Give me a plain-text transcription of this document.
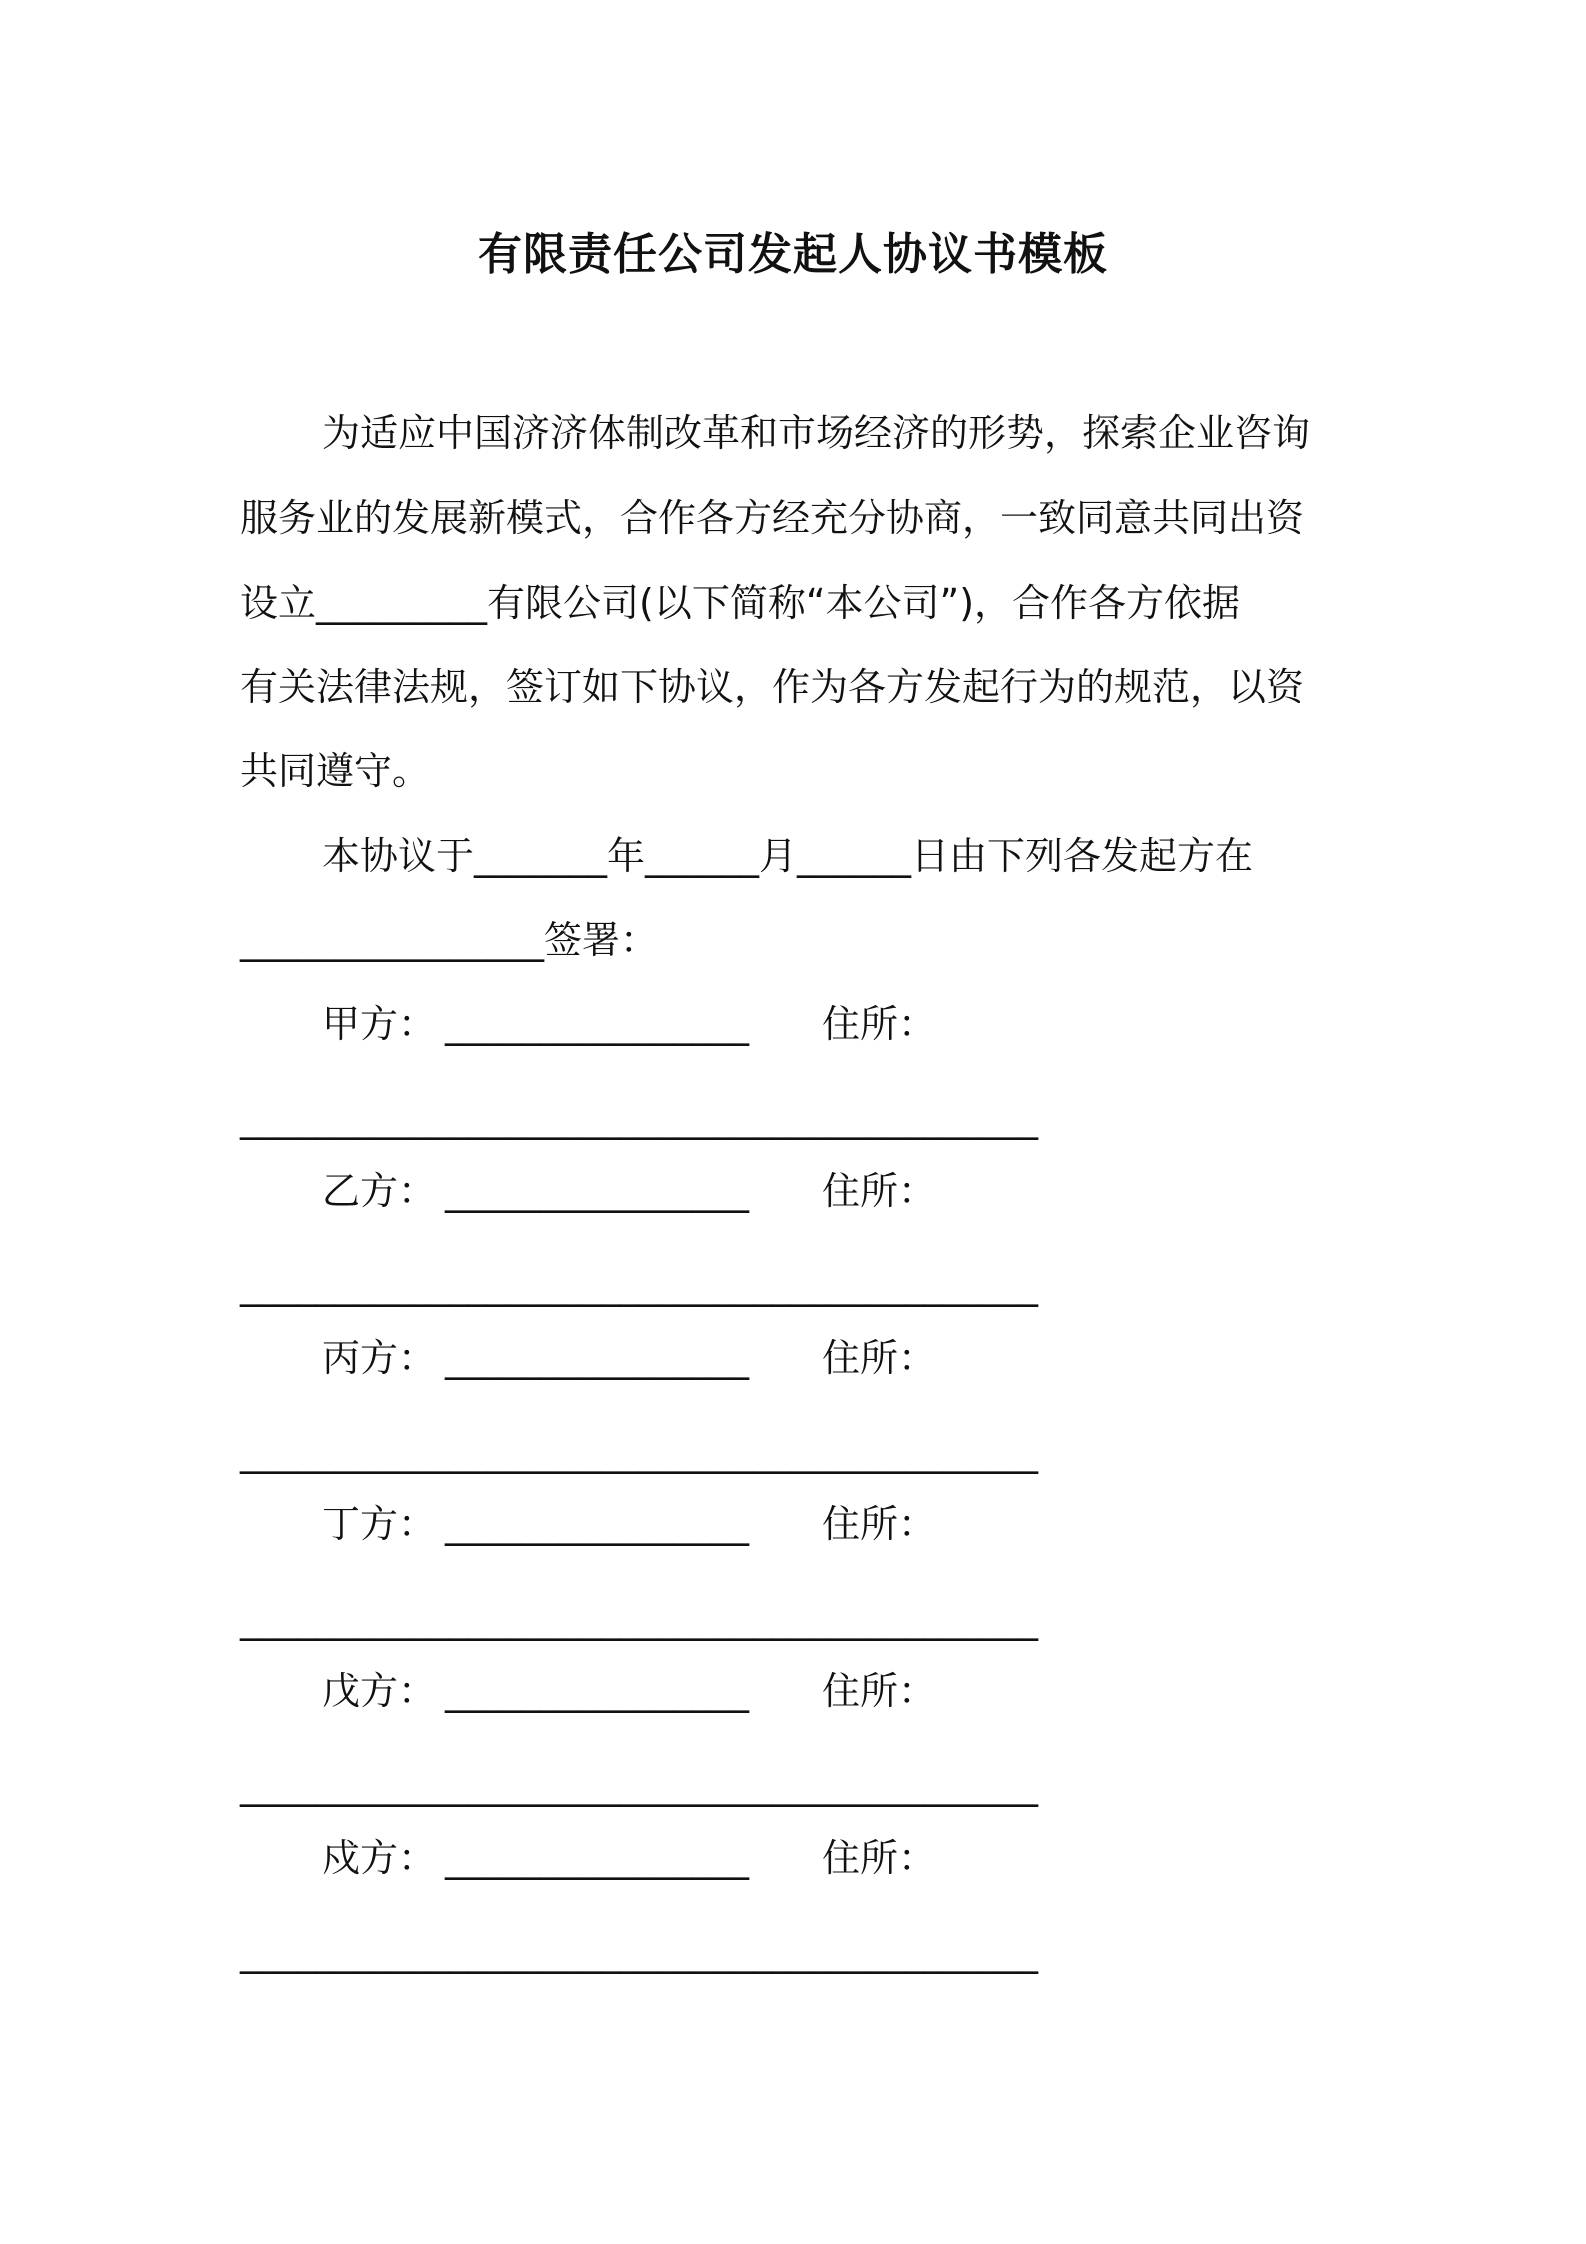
有限责任公司发起人协议书模板
为适应中国济济体制改革和市场经济的形势，探索企业咨询
服务业的发展新模式，合作各方经充分协商，一致同意共同出资
设立_________有限公司(以下简称“本公司”)，合作各方依据
有关法律法规，签订如下协议，作为各方发起行为的规范，以资
共同遵守。
本协议于_______年______月______日由下列各发起方在
________________签署：
甲方： ________________ 住所：
__________________________________________
乙方： ________________ 住所：
__________________________________________
丙方： ________________ 住所：
__________________________________________
丁方： ________________ 住所：
__________________________________________
戊方： ________________ 住所：
__________________________________________
戍方： ________________ 住所：
__________________________________________
